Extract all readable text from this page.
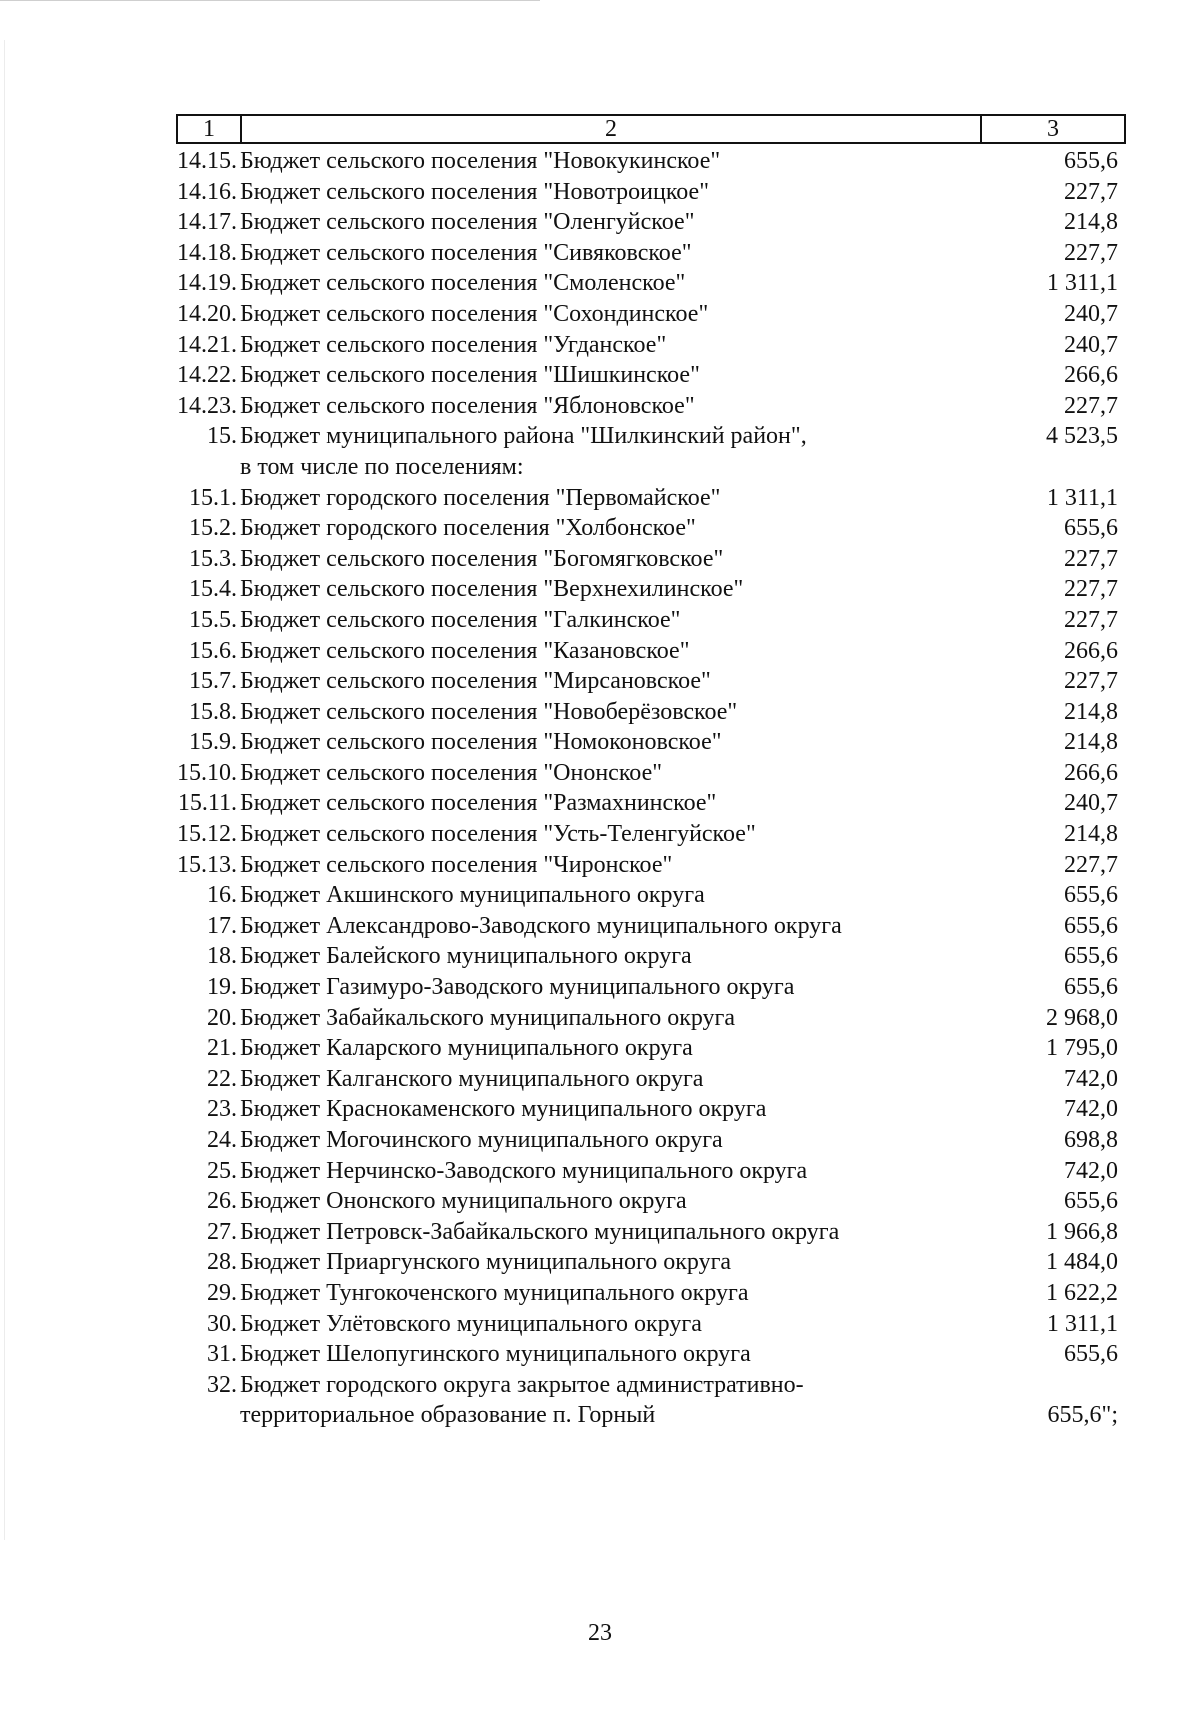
1	2	3
14.15. Бюджет сельского поселения "Новокукинское"	655,6
14.16. Бюджет сельского поселения "Новотроицкое"	227,7
14.17. Бюджет сельского поселения "Оленгуйское"	214,8
14.18. Бюджет сельского поселения "Сивяковское"	227,7
14.19. Бюджет сельского поселения "Смоленское"	1 311,1
14.20. Бюджет сельского поселения "Сохондинское"	240,7
14.21. Бюджет сельского поселения "Угданское"	240,7
14.22. Бюджет сельского поселения "Шишкинское"	266,6
14.23. Бюджет сельского поселения "Яблоновское"	227,7
15. Бюджет муниципального района "Шилкинский район",	4 523,5
в том числе по поселениям:
15.1. Бюджет городского поселения "Первомайское"	1 311,1
15.2. Бюджет городского поселения "Холбонское"	655,6
15.3. Бюджет сельского поселения "Богомягковское"	227,7
15.4. Бюджет сельского поселения "Верхнехилинское"	227,7
15.5. Бюджет сельского поселения "Галкинское"	227,7
15.6. Бюджет сельского поселения "Казановское"	266,6
15.7. Бюджет сельского поселения "Мирсановское"	227,7
15.8. Бюджет сельского поселения "Новоберёзовское"	214,8
15.9. Бюджет сельского поселения "Номоконовское"	214,8
15.10. Бюджет сельского поселения "Ононское"	266,6
15.11. Бюджет сельского поселения "Размахнинское"	240,7
15.12. Бюджет сельского поселения "Усть-Теленгуйское"	214,8
15.13. Бюджет сельского поселения "Чиронское"	227,7
16. Бюджет Акшинского муниципального округа	655,6
17. Бюджет Александрово-Заводского муниципального округа	655,6
18. Бюджет Балейского муниципального округа	655,6
19. Бюджет Газимуро-Заводского муниципального округа	655,6
20. Бюджет Забайкальского муниципального округа	2 968,0
21. Бюджет Каларского муниципального округа	1 795,0
22. Бюджет Калганского муниципального округа	742,0
23. Бюджет Краснокаменского муниципального округа	742,0
24. Бюджет Могочинского муниципального округа	698,8
25. Бюджет Нерчинско-Заводского муниципального округа	742,0
26. Бюджет Ононского муниципального округа	655,6
27. Бюджет Петровск-Забайкальского муниципального округа	1 966,8
28. Бюджет Приаргунского муниципального округа	1 484,0
29. Бюджет Тунгокоченского муниципального округа	1 622,2
30. Бюджет Улётовского муниципального округа	1 311,1
31. Бюджет Шелопугинского муниципального округа	655,6
32. Бюджет городского округа закрытое административно-
территориальное образование п. Горный	655,6";
23
